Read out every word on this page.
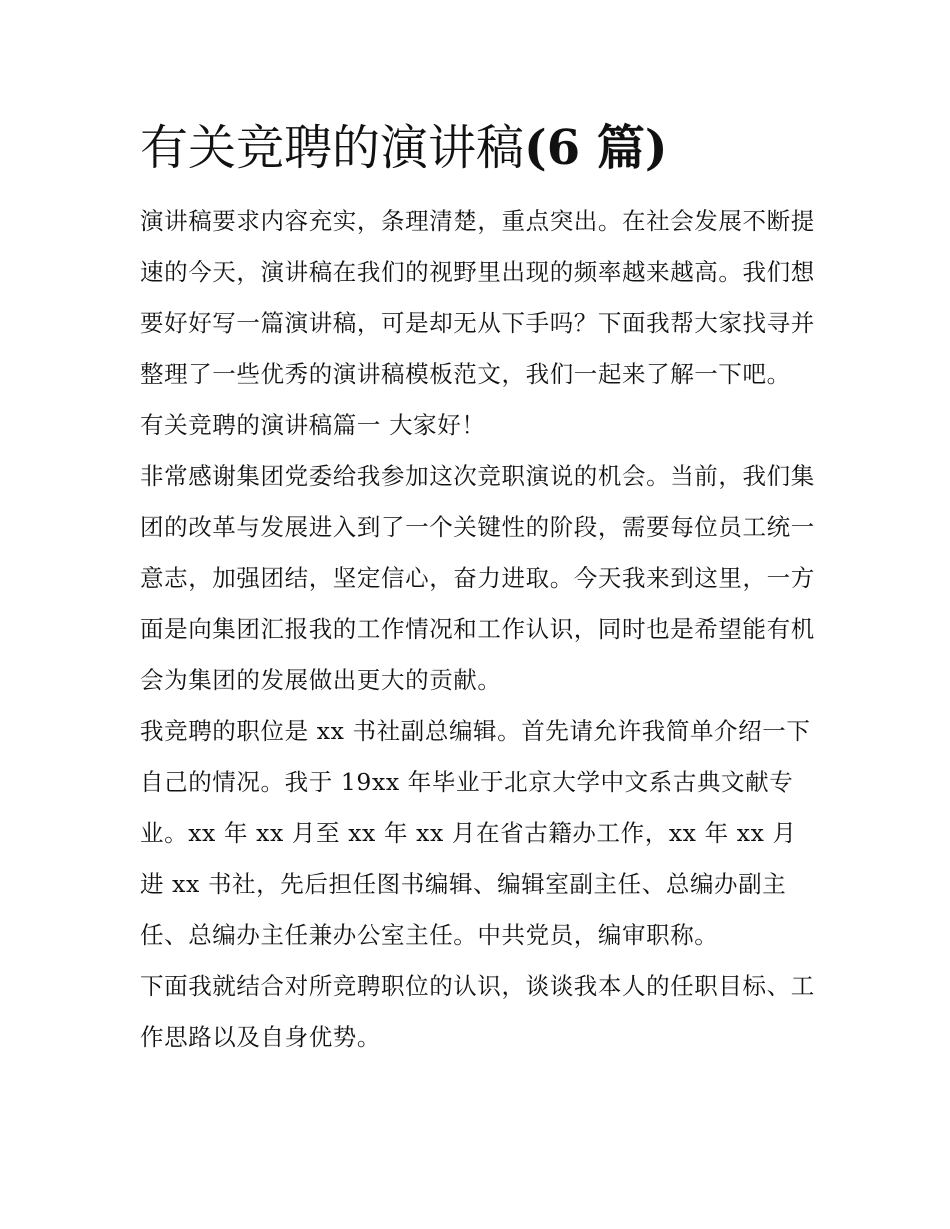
有关竞聘的演讲稿(6 篇)

演讲稿要求内容充实，条理清楚，重点突出。在社会发展不断提速的今天，演讲稿在我们的视野里出现的频率越来越高。我们想要好好写一篇演讲稿，可是却无从下手吗？下面我帮大家找寻并整理了一些优秀的演讲稿模板范文，我们一起来了解一下吧。

有关竞聘的演讲稿篇一 大家好！

非常感谢集团党委给我参加这次竞职演说的机会。当前，我们集团的改革与发展进入到了一个关键性的阶段，需要每位员工统一意志，加强团结，坚定信心，奋力进取。今天我来到这里，一方面是向集团汇报我的工作情况和工作认识，同时也是希望能有机会为集团的发展做出更大的贡献。

我竞聘的职位是 xx 书社副总编辑。首先请允许我简单介绍一下自己的情况。我于 19xx 年毕业于北京大学中文系古典文献专业。xx 年 xx 月至 xx 年 xx 月在省古籍办工作，xx 年 xx 月进 xx 书社，先后担任图书编辑、编辑室副主任、总编办副主任、总编办主任兼办公室主任。中共党员，编审职称。

下面我就结合对所竞聘职位的认识，谈谈我本人的任职目标、工作思路以及自身优势。
